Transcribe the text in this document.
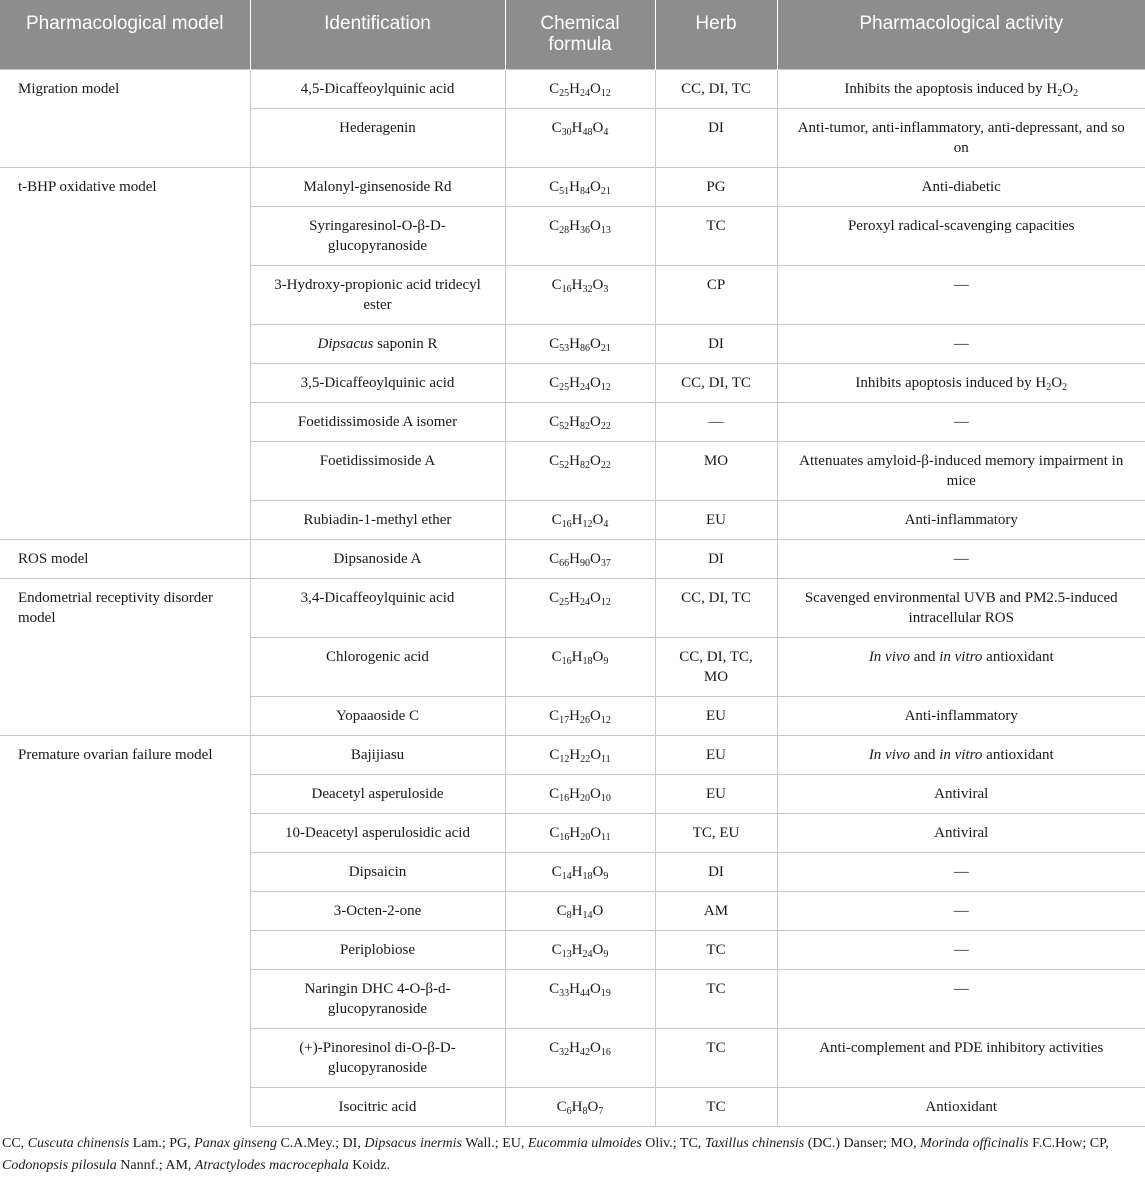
Pharmacological model	Identification	Chemical formula	Herb	Pharmacological activity
Migration model	4,5-Dicaffeoylquinic acid	$C_{25}H_{24}O_{12}$	CC, DI, TC	Inhibits the apoptosis induced by $H_2O_2$
	Hederagenin	$C_{30}H_{48}O_4$	DI	Anti-tumor, anti-inflammatory, anti-depressant, and so on
t-BHP oxidative model	Malonyl-ginsenoside Rd	$C_{51}H_{84}O_{21}$	PG	Anti-diabetic
	Syringaresinol-O-β-D-glucopyranoside	$C_{28}H_{36}O_{13}$	TC	Peroxyl radical-scavenging capacities
	3-Hydroxy-propionic acid tridecyl ester	$C_{16}H_{32}O_3$	CP	—
	Dipsacus saponin R	$C_{53}H_{86}O_{21}$	DI	—
	3,5-Dicaffeoylquinic acid	$C_{25}H_{24}O_{12}$	CC, DI, TC	Inhibits apoptosis induced by $H_2O_2$
	Foetidissimoside A isomer	$C_{52}H_{82}O_{22}$	—	—
	Foetidissimoside A	$C_{52}H_{82}O_{22}$	MO	Attenuates amyloid-β-induced memory impairment in mice
	Rubiadin-1-methyl ether	$C_{16}H_{12}O_4$	EU	Anti-inflammatory
ROS model	Dipsanoside A	$C_{66}H_{90}O_{37}$	DI	—
Endometrial receptivity disorder model	3,4-Dicaffeoylquinic acid	$C_{25}H_{24}O_{12}$	CC, DI, TC	Scavenged environmental UVB and PM2.5-induced intracellular ROS
	Chlorogenic acid	$C_{16}H_{18}O_9$	CC, DI, TC, MO	In vivo and in vitro antioxidant
	Yopaaoside C	$C_{17}H_{26}O_{12}$	EU	Anti-inflammatory
Premature ovarian failure model	Bajijiasu	$C_{12}H_{22}O_{11}$	EU	In vivo and in vitro antioxidant
	Deacetyl asperuloside	$C_{16}H_{20}O_{10}$	EU	Antiviral
	10-Deacetyl asperulosidic acid	$C_{16}H_{20}O_{11}$	TC, EU	Antiviral
	Dipsaicin	$C_{14}H_{18}O_9$	DI	—
	3-Octen-2-one	$C_8H_{14}O$	AM	—
	Periplobiose	$C_{13}H_{24}O_9$	TC	—
	Naringin DHC 4-O-β-d-glucopyranoside	$C_{33}H_{44}O_{19}$	TC	—
	(+)-Pinoresinol di-O-β-D-glucopyranoside	$C_{32}H_{42}O_{16}$	TC	Anti-complement and PDE inhibitory activities
	Isocitric acid	$C_6H_8O_7$	TC	Antioxidant
CC, Cuscuta chinensis Lam.; PG, Panax ginseng C.A.Mey.; DI, Dipsacus inermis Wall.; EU, Eucommia ulmoides Oliv.; TC, Taxillus chinensis (DC.) Danser; MO, Morinda officinalis F.C.How; CP, Codonopsis pilosula Nannf.; AM, Atractylodes macrocephala Koidz.
